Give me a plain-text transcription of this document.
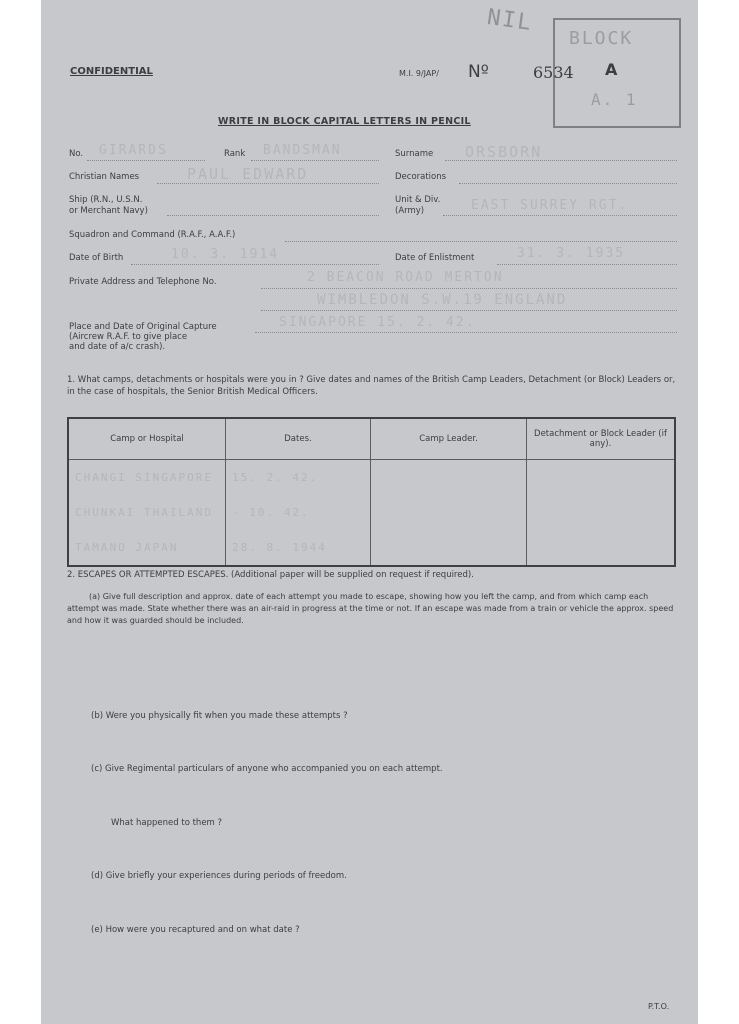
BLOCK
A. 1
NIL
CONFIDENTIAL	M.I. 9/JAP/ Nº	6534 A
WRITE IN BLOCK CAPITAL LETTERS IN PENCIL
No. GIRARDS	Rank BANDSMAN	Surname ORSBORN
Christian Names	PAUL EDWARD	Decorations
Ship (R.N., U.S.N.
or Merchant Navy)
Unit & Div.
(Army)	EAST SURREY RGT.
Squadron and Command (R.A.F., A.A.F.)
Date of Birth	10. 3. 1914	Date of Enlistment	31. 3. 1935
Private Address and Telephone No.	2 BEACON ROAD MERTON
WIMBLEDON S.W.19 ENGLAND
Place and Date of Original Capture
(Aircrew R.A.F. to give place
and date of a/c crash).
SINGAPORE 15. 2. 42.
1. What camps, detachments or hospitals were you in ? Give dates and names of the British Camp Leaders, Detachment (or Block) Leaders or, in the case of hospitals, the Senior British Medical Officers.
Camp or Hospital	Dates.	Camp Leader.	Detachment or Block Leader (if any).
CHANGI SINGAPORE	15. 2. 42.		
CHUNKAI THAILAND	- 10. 42.		
TAMANO JAPAN	28. 8. 1944		
2. ESCAPES OR ATTEMPTED ESCAPES. (Additional paper will be supplied on request if required).
(a) Give full description and approx. date of each attempt you made to escape, showing how you left the camp, and from which camp each attempt was made. State whether there was an air-raid in progress at the time or not. If an escape was made from a train or vehicle the approx. speed and how it was guarded should be included.
(b) Were you physically fit when you made these attempts ?
(c) Give Regimental particulars of anyone who accompanied you on each attempt.
What happened to them ?
(d) Give briefly your experiences during periods of freedom.
(e) How were you recaptured and on what date ?
P.T.O.
